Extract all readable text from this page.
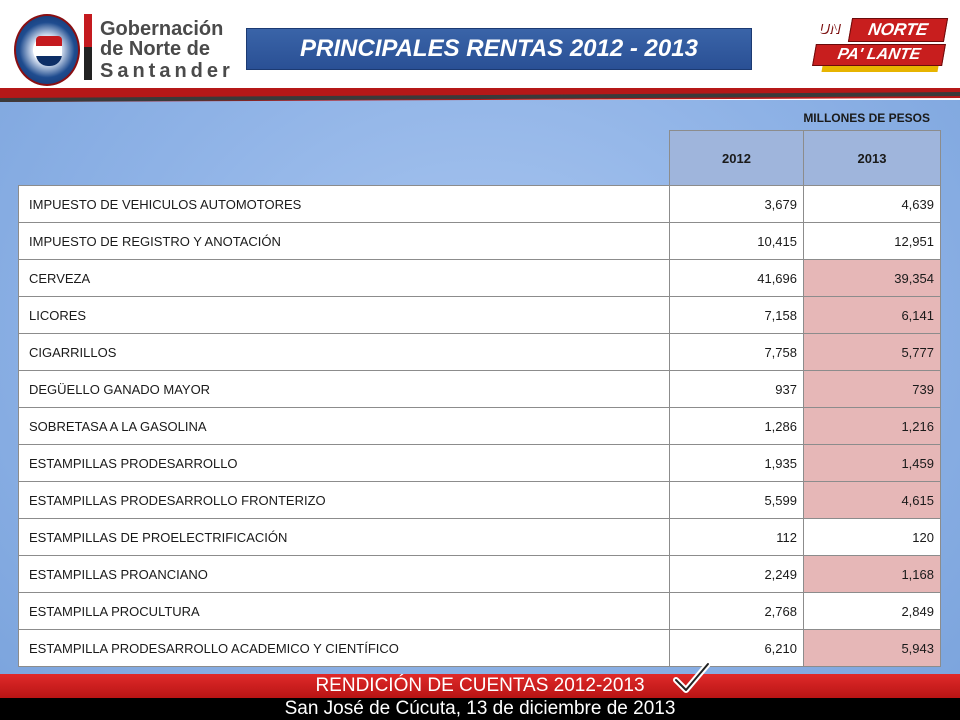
Gobernación
de Norte de
Santander
PRINCIPALES RENTAS 2012 - 2013
NORTE
UN
PA' LANTE
MILLONES DE PESOS
	2012	2013
IMPUESTO DE VEHICULOS AUTOMOTORES	3,679	4,639
IMPUESTO DE REGISTRO Y ANOTACIÓN	10,415	12,951
CERVEZA	41,696	39,354
LICORES	7,158	6,141
CIGARRILLOS	7,758	5,777
DEGÜELLO GANADO MAYOR	937	739
SOBRETASA A LA GASOLINA	1,286	1,216
ESTAMPILLAS PRODESARROLLO	1,935	1,459
ESTAMPILLAS PRODESARROLLO FRONTERIZO	5,599	4,615
ESTAMPILLAS DE PROELECTRIFICACIÓN	112	120
ESTAMPILLAS PROANCIANO	2,249	1,168
ESTAMPILLA PROCULTURA	2,768	2,849
ESTAMPILLA PRODESARROLLO ACADEMICO Y CIENTÍFICO	6,210	5,943
RENDICIÓN DE CUENTAS 2012-2013
San José de Cúcuta, 13 de diciembre de 2013
